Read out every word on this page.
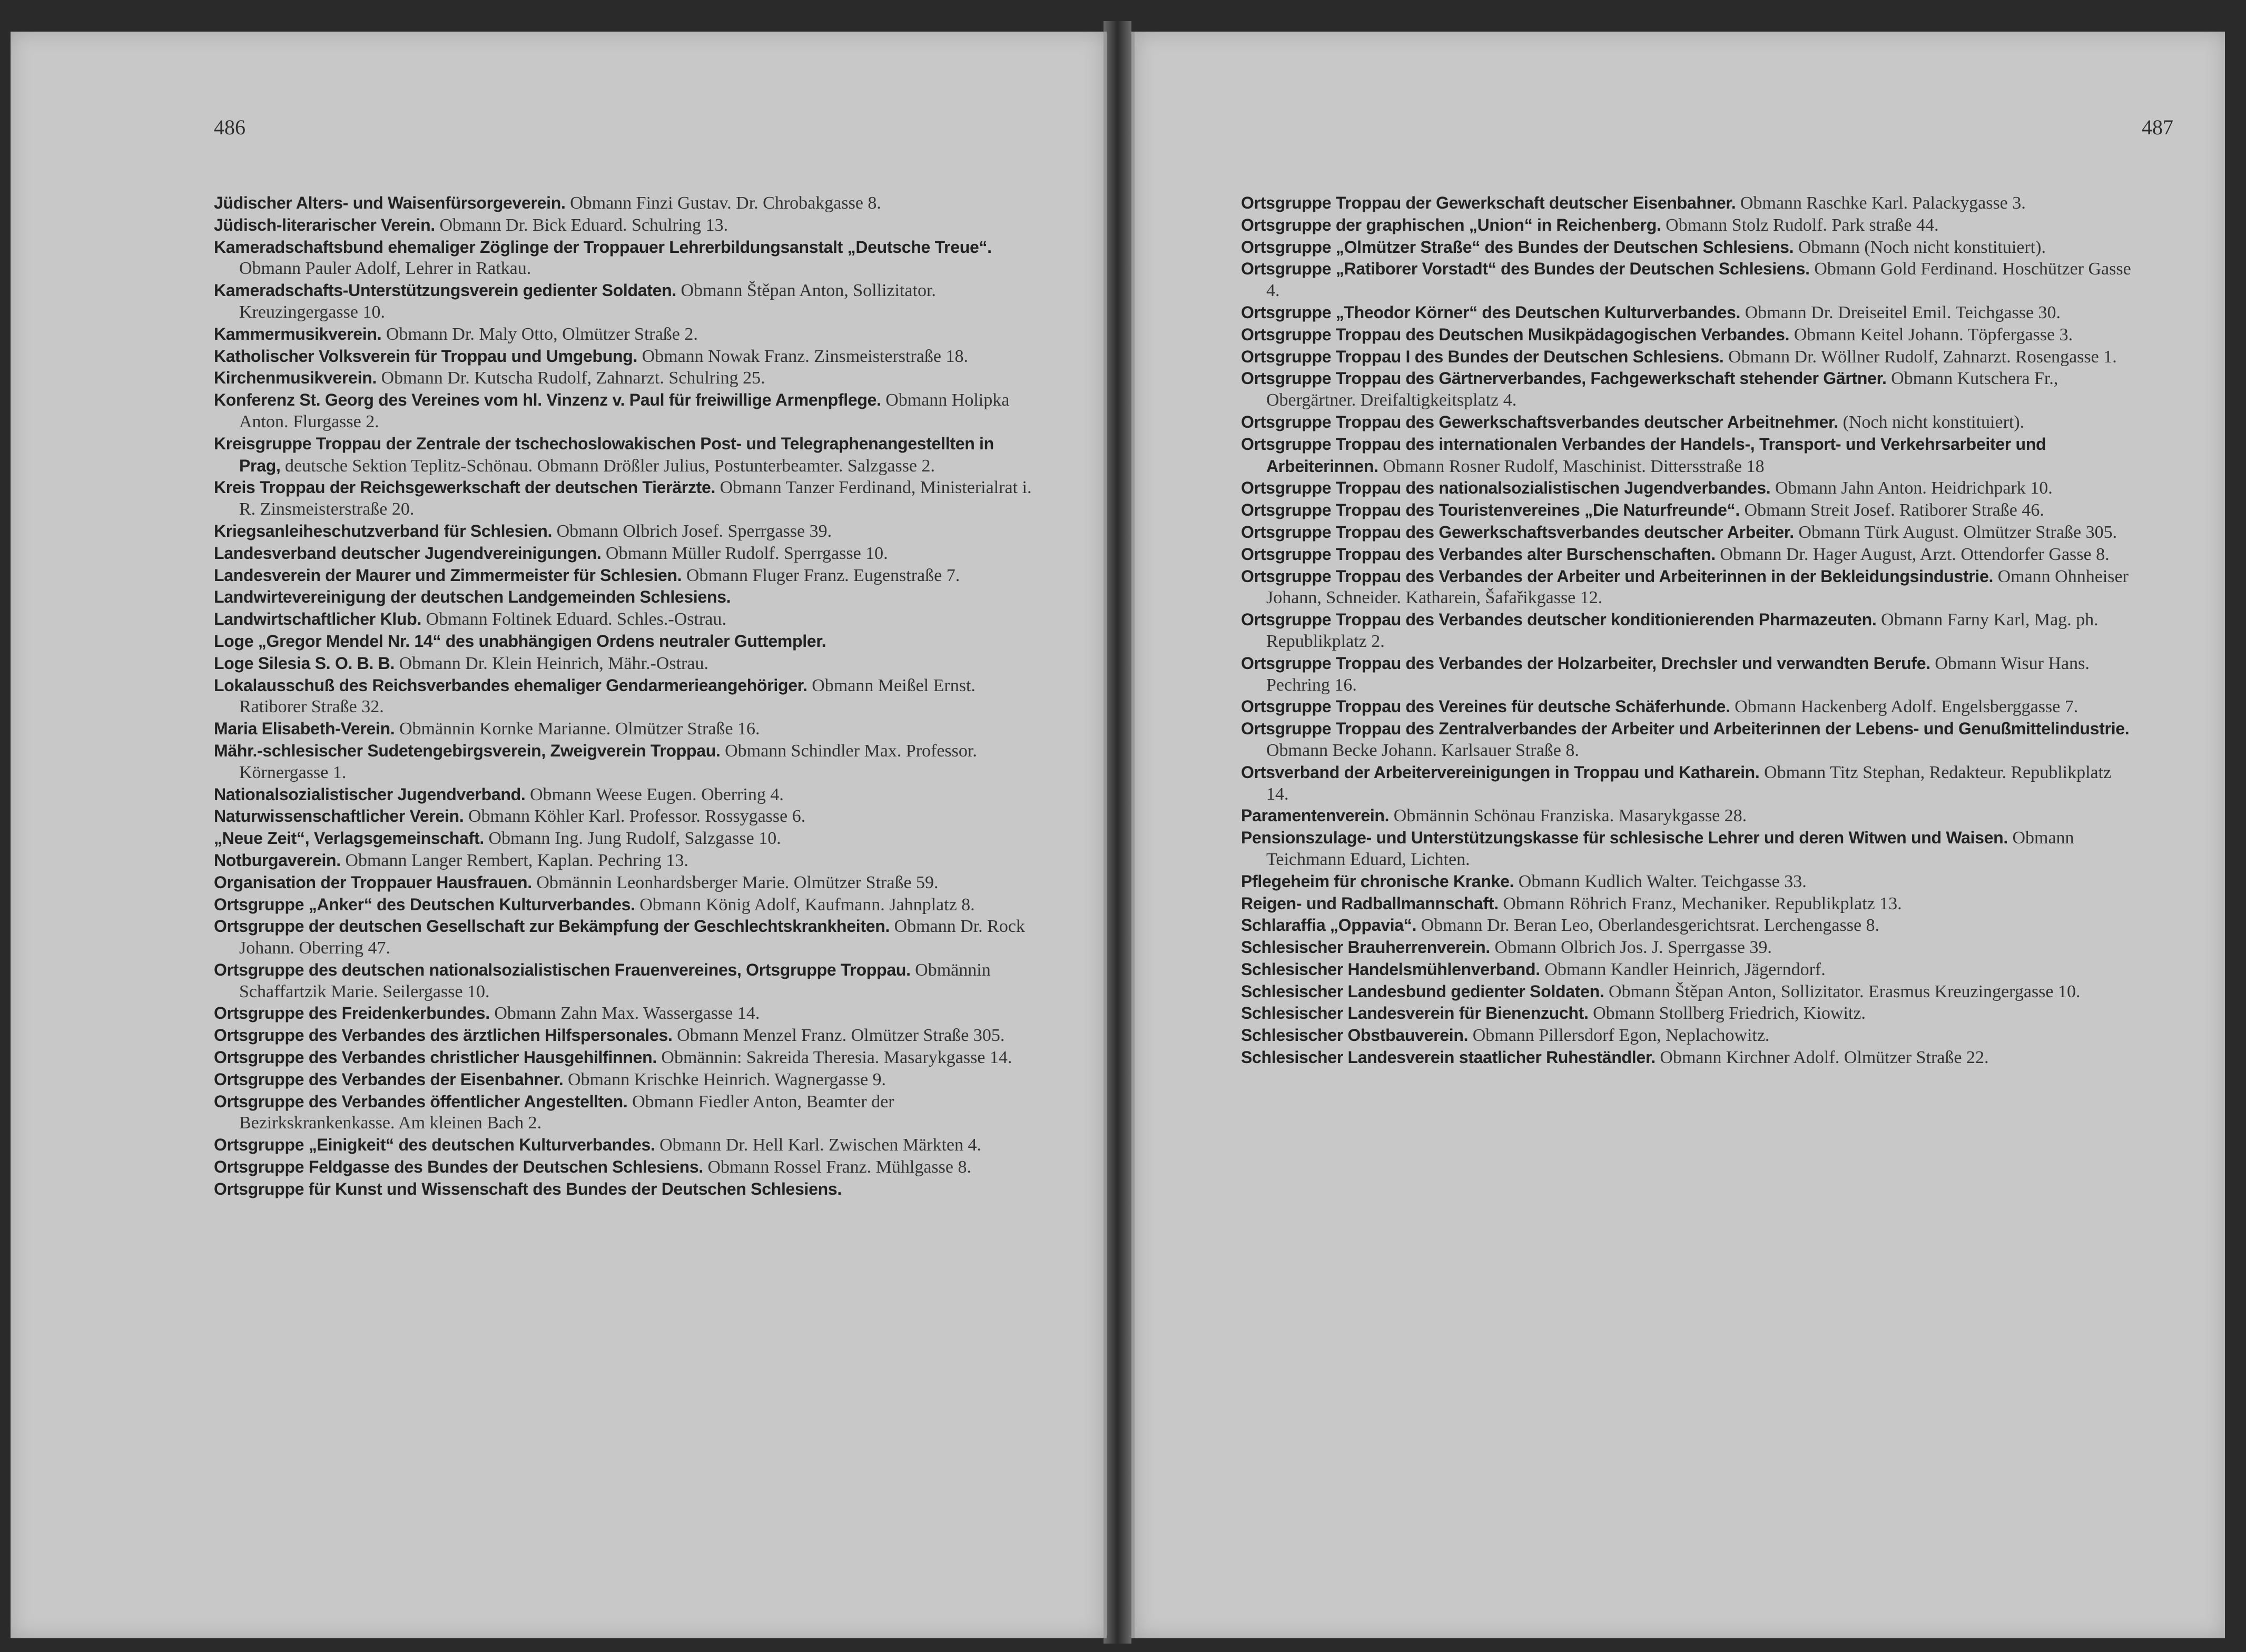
486

Jüdischer Alters- und Waisenfürsorgeverein. Obmann Finzi Gustav. Dr. Chrobakgasse 8.

Jüdisch-literarischer Verein. Obmann Dr. Bick Eduard. Schulring 13.

Kameradschaftsbund ehemaliger Zöglinge der Troppauer Lehrerbildungsanstalt „Deutsche Treue“. Obmann Pauler Adolf, Lehrer in Ratkau.

Kameradschafts-Unterstützungsverein gedienter Soldaten. Obmann Štěpan Anton, Sollizitator. Kreuzingergasse 10.

Kammermusikverein. Obmann Dr. Maly Otto, Olmützer Straße 2.

Katholischer Volksverein für Troppau und Umgebung. Obmann Nowak Franz. Zinsmeisterstraße 18.

Kirchenmusikverein. Obmann Dr. Kutscha Rudolf, Zahnarzt. Schulring 25.

Konferenz St. Georg des Vereines vom hl. Vinzenz v. Paul für freiwillige Armenpflege. Obmann Holipka Anton. Flurgasse 2.

Kreisgruppe Troppau der Zentrale der tschechoslowakischen Post- und Telegraphenangestellten in Prag, deutsche Sektion Teplitz-Schönau. Obmann Drößler Julius, Postunterbeamter. Salzgasse 2.

Kreis Troppau der Reichsgewerkschaft der deutschen Tierärzte. Obmann Tanzer Ferdinand, Ministerialrat i. R. Zinsmeisterstraße 20.

Kriegsanleiheschutzverband für Schlesien. Obmann Olbrich Josef. Sperrgasse 39.

Landesverband deutscher Jugendvereinigungen. Obmann Müller Rudolf. Sperrgasse 10.

Landesverein der Maurer und Zimmermeister für Schlesien. Obmann Fluger Franz. Eugenstraße 7.

Landwirtevereinigung der deutschen Landgemeinden Schlesiens.

Landwirtschaftlicher Klub. Obmann Foltinek Eduard. Schles.-Ostrau.

Loge „Gregor Mendel Nr. 14“ des unabhängigen Ordens neutraler Guttempler.

Loge Silesia S. O. B. B. Obmann Dr. Klein Heinrich, Mähr.-Ostrau.

Lokalausschuß des Reichsverbandes ehemaliger Gendarmerieangehöriger. Obmann Meißel Ernst. Ratiborer Straße 32.

Maria Elisabeth-Verein. Obmännin Kornke Marianne. Olmützer Straße 16.

Mähr.-schlesischer Sudetengebirgsverein, Zweigverein Troppau. Obmann Schindler Max. Professor. Körnergasse 1.

Nationalsozialistischer Jugendverband. Obmann Weese Eugen. Oberring 4.

Naturwissenschaftlicher Verein. Obmann Köhler Karl. Professor. Rossygasse 6.

„Neue Zeit“, Verlagsgemeinschaft. Obmann Ing. Jung Rudolf, Salzgasse 10.

Notburgaverein. Obmann Langer Rembert, Kaplan. Pechring 13.

Organisation der Troppauer Hausfrauen. Obmännin Leonhardsberger Marie. Olmützer Straße 59.

Ortsgruppe „Anker“ des Deutschen Kulturverbandes. Obmann König Adolf, Kaufmann. Jahnplatz 8.

Ortsgruppe der deutschen Gesellschaft zur Bekämpfung der Geschlechtskrankheiten. Obmann Dr. Rock Johann. Oberring 47.

Ortsgruppe des deutschen nationalsozialistischen Frauenvereines, Ortsgruppe Troppau. Obmännin Schaffartzik Marie. Seilergasse 10.

Ortsgruppe des Freidenkerbundes. Obmann Zahn Max. Wassergasse 14.

Ortsgruppe des Verbandes des ärztlichen Hilfspersonales. Obmann Menzel Franz. Olmützer Straße 305.

Ortsgruppe des Verbandes christlicher Hausgehilfinnen. Obmännin: Sakreida Theresia. Masarykgasse 14.

Ortsgruppe des Verbandes der Eisenbahner. Obmann Krischke Heinrich. Wagnergasse 9.

Ortsgruppe des Verbandes öffentlicher Angestellten. Obmann Fiedler Anton, Beamter der Bezirkskrankenkasse. Am kleinen Bach 2.

Ortsgruppe „Einigkeit“ des deutschen Kulturverbandes. Obmann Dr. Hell Karl. Zwischen Märkten 4.

Ortsgruppe Feldgasse des Bundes der Deutschen Schlesiens. Obmann Rossel Franz. Mühlgasse 8.

Ortsgruppe für Kunst und Wissenschaft des Bundes der Deutschen Schlesiens.

487

Ortsgruppe Troppau der Gewerkschaft deutscher Eisenbahner. Obmann Raschke Karl. Palackygasse 3.

Ortsgruppe der graphischen „Union“ in Reichenberg. Obmann Stolz Rudolf. Park straße 44.

Ortsgruppe „Olmützer Straße“ des Bundes der Deutschen Schlesiens. Obmann (Noch nicht konstituiert).

Ortsgruppe „Ratiborer Vorstadt“ des Bundes der Deutschen Schlesiens. Obmann Gold Ferdinand. Hoschützer Gasse 4.

Ortsgruppe „Theodor Körner“ des Deutschen Kulturverbandes. Obmann Dr. Dreiseitel Emil. Teichgasse 30.

Ortsgruppe Troppau des Deutschen Musikpädagogischen Verbandes. Obmann Keitel Johann. Töpfergasse 3.

Ortsgruppe Troppau I des Bundes der Deutschen Schlesiens. Obmann Dr. Wöllner Rudolf, Zahnarzt. Rosengasse 1.

Ortsgruppe Troppau des Gärtnerverbandes, Fachgewerkschaft stehender Gärtner. Obmann Kutschera Fr., Obergärtner. Dreifaltigkeitsplatz 4.

Ortsgruppe Troppau des Gewerkschaftsverbandes deutscher Arbeitnehmer. (Noch nicht konstituiert).

Ortsgruppe Troppau des internationalen Verbandes der Handels-, Transport- und Verkehrsarbeiter und Arbeiterinnen. Obmann Rosner Rudolf, Maschinist. Dittersstraße 18

Ortsgruppe Troppau des nationalsozialistischen Jugendverbandes. Obmann Jahn Anton. Heidrichpark 10.

Ortsgruppe Troppau des Touristenvereines „Die Naturfreunde“. Obmann Streit Josef. Ratiborer Straße 46.

Ortsgruppe Troppau des Gewerkschaftsverbandes deutscher Arbeiter. Obmann Türk August. Olmützer Straße 305.

Ortsgruppe Troppau des Verbandes alter Burschenschaften. Obmann Dr. Hager August, Arzt. Ottendorfer Gasse 8.

Ortsgruppe Troppau des Verbandes der Arbeiter und Arbeiterinnen in der Bekleidungsindustrie. Omann Ohnheiser Johann, Schneider. Katharein, Šafařikgasse 12.

Ortsgruppe Troppau des Verbandes deutscher konditionierenden Pharmazeuten. Obmann Farny Karl, Mag. ph. Republikplatz 2.

Ortsgruppe Troppau des Verbandes der Holzarbeiter, Drechsler und verwandten Berufe. Obmann Wisur Hans. Pechring 16.

Ortsgruppe Troppau des Vereines für deutsche Schäferhunde. Obmann Hackenberg Adolf. Engelsberggasse 7.

Ortsgruppe Troppau des Zentralverbandes der Arbeiter und Arbeiterinnen der Lebens- und Genußmittelindustrie. Obmann Becke Johann. Karlsauer Straße 8.

Ortsverband der Arbeitervereinigungen in Troppau und Katharein. Obmann Titz Stephan, Redakteur. Republikplatz 14.

Paramentenverein. Obmännin Schönau Franziska. Masarykgasse 28.

Pensionszulage- und Unterstützungskasse für schlesische Lehrer und deren Witwen und Waisen. Obmann Teichmann Eduard, Lichten.

Pflegeheim für chronische Kranke. Obmann Kudlich Walter. Teichgasse 33.

Reigen- und Radballmannschaft. Obmann Röhrich Franz, Mechaniker. Republikplatz 13.

Schlaraffia „Oppavia“. Obmann Dr. Beran Leo, Oberlandesgerichtsrat. Lerchengasse 8.

Schlesischer Brauherrenverein. Obmann Olbrich Jos. J. Sperrgasse 39.

Schlesischer Handelsmühlenverband. Obmann Kandler Heinrich, Jägerndorf.

Schlesischer Landesbund gedienter Soldaten. Obmann Štěpan Anton, Sollizitator. Erasmus Kreuzingergasse 10.

Schlesischer Landesverein für Bienenzucht. Obmann Stollberg Friedrich, Kiowitz.

Schlesischer Obstbauverein. Obmann Pillersdorf Egon, Neplachowitz.

Schlesischer Landesverein staatlicher Ruheständler. Obmann Kirchner Adolf. Olmützer Straße 22.
